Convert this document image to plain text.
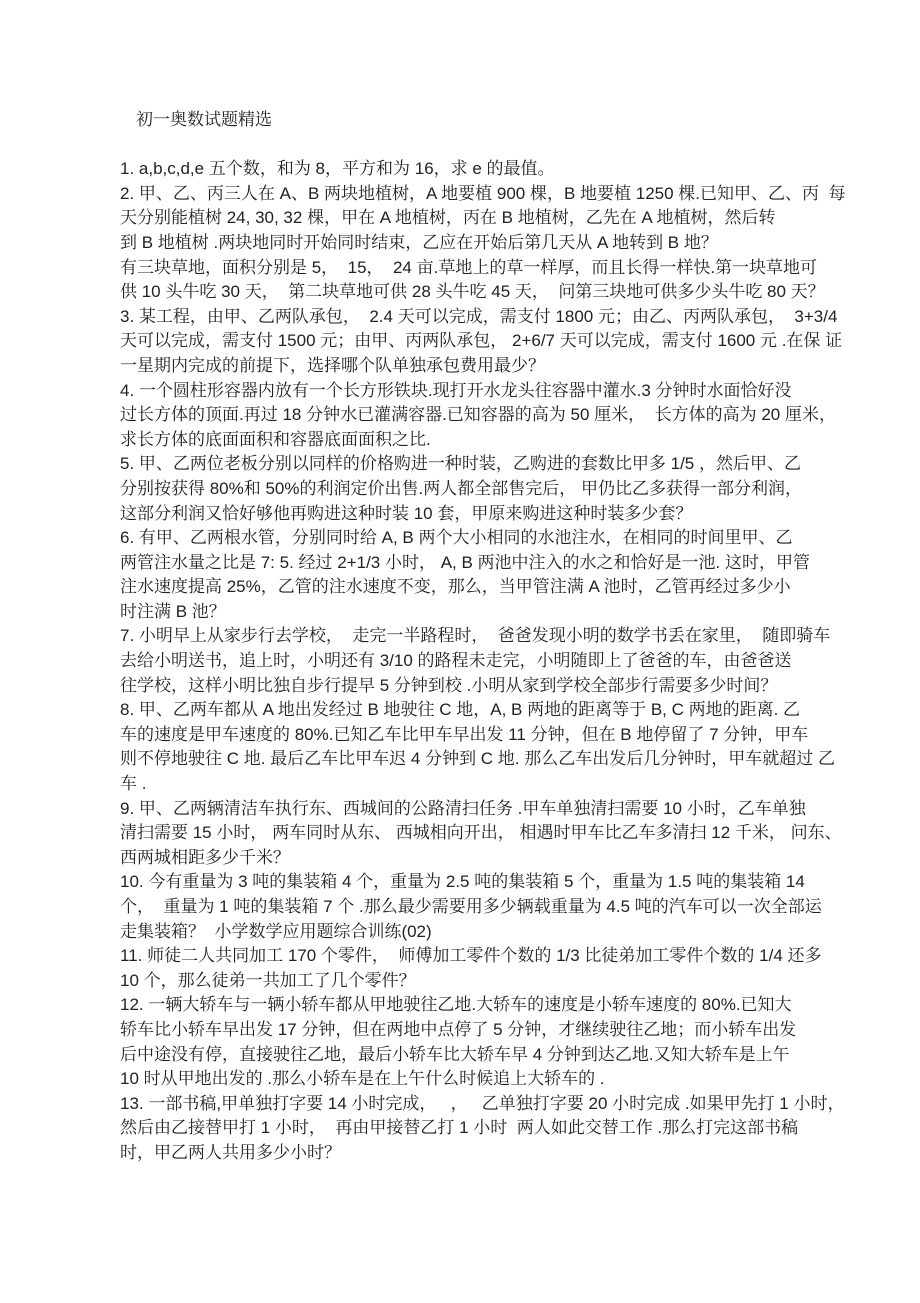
初一奥数试题精选
1. a,b,c,d,e 五个数，和为 8，平方和为 16，求 e 的最值。
2. 甲、乙、丙三人在 A、B 两块地植树，A 地要植 900 棵，B 地要植 1250 棵.已知甲、乙、丙  每
天分别能植树 24, 30, 32 棵，甲在 A 地植树，丙在 B 地植树，乙先在 A 地植树，然后转
到 B 地植树 .两块地同时开始同时结束，乙应在开始后第几天从 A 地转到 B 地？
有三块草地，面积分别是 5，  15，  24 亩.草地上的草一样厚，而且长得一样快.第一块草地可
供 10 头牛吃 30 天，  第二块草地可供 28 头牛吃 45 天，  问第三块地可供多少头牛吃 80 天？
3. 某工程，由甲、乙两队承包，  2.4 天可以完成，需支付 1800 元；由乙、丙两队承包，  3+3/4
天可以完成，需支付 1500 元；由甲、丙两队承包， 2+6/7 天可以完成，需支付 1600 元 .在保 证
一星期内完成的前提下，选择哪个队单独承包费用最少？
4. 一个圆柱形容器内放有一个长方形铁块.现打开水龙头往容器中灌水.3 分钟时水面恰好没
过长方体的顶面.再过 18 分钟水已灌满容器.已知容器的高为 50 厘米，  长方体的高为 20 厘米，
求长方体的底面面积和容器底面面积之比.
5. 甲、乙两位老板分别以同样的价格购进一种时装，乙购进的套数比甲多 1/5 ，然后甲、乙
分别按获得 80%和 50%的利润定价出售.两人都全部售完后， 甲仍比乙多获得一部分利润，
这部分利润又恰好够他再购进这种时装 10 套，甲原来购进这种时装多少套？
6. 有甲、乙两根水管，分别同时给 A, B 两个大小相同的水池注水，在相同的时间里甲、乙
两管注水量之比是 7: 5. 经过 2+1/3 小时， A, B 两池中注入的水之和恰好是一池. 这时，甲管
注水速度提高 25%，乙管的注水速度不变，那么，当甲管注满 A 池时，乙管再经过多少小
时注满 B 池？
7. 小明早上从家步行去学校，  走完一半路程时，  爸爸发现小明的数学书丢在家里，  随即骑车
去给小明送书，追上时，小明还有 3/10 的路程未走完，小明随即上了爸爸的车，由爸爸送
往学校，这样小明比独自步行提早 5 分钟到校 .小明从家到学校全部步行需要多少时间？
8. 甲、乙两车都从 A 地出发经过 B 地驶往 C 地，A, B 两地的距离等于 B, C 两地的距离. 乙
车的速度是甲车速度的 80%.已知乙车比甲车早出发 11 分钟，但在 B 地停留了 7 分钟，甲车
则不停地驶往 C 地. 最后乙车比甲车迟 4 分钟到 C 地. 那么乙车出发后几分钟时，甲车就超过 乙
车 .
9. 甲、乙两辆清洁车执行东、西城间的公路清扫任务 .甲车单独清扫需要 10 小时，乙车单独
清扫需要 15 小时， 两车同时从东、 西城相向开出， 相遇时甲车比乙车多清扫 12 千米， 问东、
西两城相距多少千米？
10. 今有重量为 3 吨的集装箱 4 个，重量为 2.5 吨的集装箱 5 个，重量为 1.5 吨的集装箱 14
个，  重量为 1 吨的集装箱 7 个 .那么最少需要用多少辆载重量为 4.5 吨的汽车可以一次全部运
走集装箱？  小学数学应用题综合训练(02)
11. 师徒二人共同加工 170 个零件，  师傅加工零件个数的 1/3 比徒弟加工零件个数的 1/4 还多
10 个，那么徒弟一共加工了几个零件？
12. 一辆大轿车与一辆小轿车都从甲地驶往乙地.大轿车的速度是小轿车速度的 80%.已知大
轿车比小轿车早出发 17 分钟，但在两地中点停了 5 分钟，才继续驶往乙地；而小轿车出发
后中途没有停，直接驶往乙地，最后小轿车比大轿车早 4 分钟到达乙地.又知大轿车是上午
10 时从甲地出发的 .那么小轿车是在上午什么时候追上大轿车的 .
13. 一部书稿,甲单独打字要 14 小时完成，   ，   乙单独打字要 20 小时完成 .如果甲先打 1 小时，
然后由乙接替甲打 1 小时，  再由甲接替乙打 1 小时  两人如此交替工作 .那么打完这部书稿
时，甲乙两人共用多少小时？
